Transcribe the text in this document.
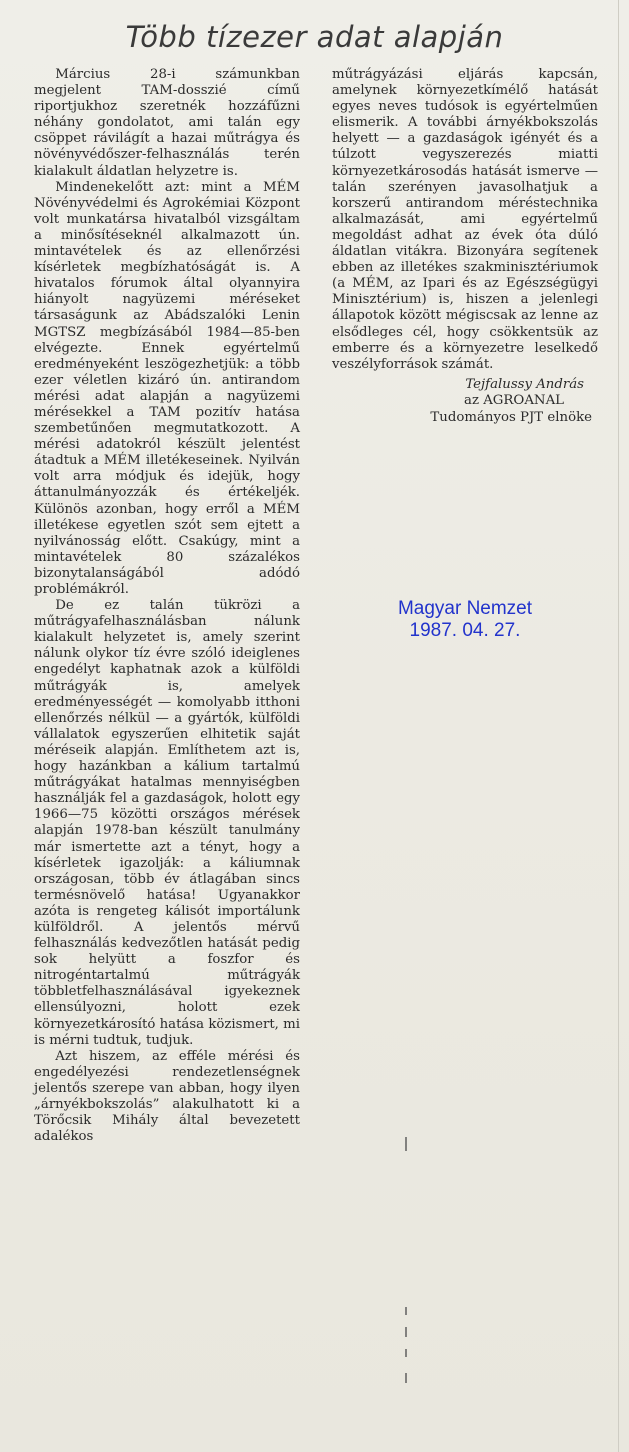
Több tízezer adat alapján

Március 28-i számunkban megjelent TAM-dosszié című riportjukhoz szeretnék hozzáfűzni néhány gondolatot, ami talán egy csöppet rávilágít a hazai műtrágya és növényvédőszer-felhasználás terén kialakult áldatlan helyzetre is.

Mindenekelőtt azt: mint a MÉM Növényvédelmi és Agrokémiai Központ volt munkatársa hivatalból vizsgáltam a minősítéseknél alkalmazott ún. mintavételek és az ellenőrzési kísérletek megbízhatóságát is. A hivatalos fórumok által olyannyira hiányolt nagyüzemi méréseket társaságunk az Abádszalóki Lenin MGTSZ megbízásából 1984—85-ben elvégezte. Ennek egyértelmű eredményeként leszögezhetjük: a több ezer véletlen kizáró ún. antirandom mérési adat alapján a nagyüzemi mérésekkel a TAM pozitív hatása szembetűnően megmutatkozott. A mérési adatokról készült jelentést átadtuk a MÉM illetékeseinek. Nyilván volt arra módjuk és idejük, hogy áttanulmányozzák és értékeljék. Különös azonban, hogy erről a MÉM illetékese egyetlen szót sem ejtett a nyilvánosság előtt. Csakúgy, mint a mintavételek 80 százalékos bizonytalanságából adódó problémákról.

De ez talán tükrözi a műtrágyafelhasználásban nálunk kialakult helyzetet is, amely szerint nálunk olykor tíz évre szóló ideiglenes engedélyt kaphatnak azok a külföldi műtrágyák is, amelyek eredményességét — komolyabb itthoni ellenőrzés nélkül — a gyártók, külföldi vállalatok egyszerűen elhitetik saját méréseik alapján. Említhetem azt is, hogy hazánkban a kálium tartalmú műtrágyákat hatalmas mennyiségben használják fel a gazdaságok, holott egy 1966—75 közötti országos mérések alapján 1978-ban készült tanulmány már ismertette azt a tényt, hogy a kísérletek igazolják: a káliumnak országosan, több év átlagában sincs termésnövelő hatása! Ugyanakkor azóta is rengeteg kálisót importálunk külföldről. A jelentős mérvű felhasználás kedvezőtlen hatását pedig sok helyütt a foszfor és nitrogéntartalmú műtrágyák többletfelhasználásával igyekeznek ellensúlyozni, holott ezek környezetkárosító hatása közismert, mi is mérni tudtuk, tudjuk.

Azt hiszem, az efféle mérési és engedélyezési rendezetlenségnek jelentős szerepe van abban, hogy ilyen „árnyékbokszolás” alakulhatott ki a Törőcsik Mihály által bevezetett adalékos

műtrágyázási eljárás kapcsán, amelynek környezetkímélő hatását egyes neves tudósok is egyértelműen elismerik. A további árnyékbokszolás helyett — a gazdaságok igényét és a túlzott vegyszerezés miatti környezetkárosodás hatását ismerve — talán szerényen javasolhatjuk a korszerű antirandom méréstechnika alkalmazását, ami egyértelmű megoldást adhat az évek óta dúló áldatlan vitákra. Bizonyára segítenek ebben az illetékes szakminisztériumok (a MÉM, az Ipari és az Egészségügyi Minisztérium) is, hiszen a jelenlegi állapotok között mégiscsak az lenne az elsődleges cél, hogy csökkentsük az emberre és a környezetre leselkedő veszélyforrások számát.

Tejfalussy András
az AGROANAL
Tudományos PJT elnöke
Magyar Nemzet
1987. 04. 27.
